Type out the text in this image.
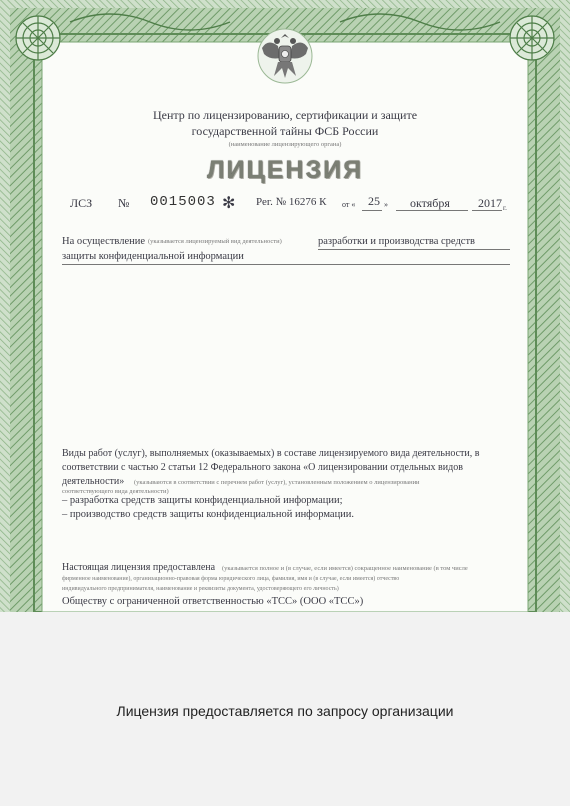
Центр по лицензированию, сертификации и защите
государственной тайны ФСБ России
(наименование лицензирующего органа)
ЛИЦЕНЗИЯ
ЛСЗ № 0015003 ✻ Рег. № 16276 К от « 25 » октября 2017 г.
На осуществление (указывается лицензируемый вид деятельности)	разработки и производства средств
защиты конфиденциальной информации
Виды работ (услуг), выполняемых (оказываемых) в составе лицензируемого вида деятельности, в
соответствии с частью 2 статьи 12 Федерального закона «О лицензировании отдельных видов
деятельности» (указываются в соответствии с перечнем работ (услуг), установленным положением о лицензировании
соответствующего вида деятельности)
– разработка средств защиты конфиденциальной информации;
– производство средств защиты конфиденциальной информации.
Настоящая лицензия предоставлена (указывается полное и (в случае, если имеется) сокращенное наименование (в том числе
фирменное наименование), организационно-правовая форма юридического лица, фамилия, имя и (в случае, если имеется) отчество
индивидуального предпринимателя, наименование и реквизиты документа, удостоверяющего его личность)
Обществу с ограниченной ответственностью «ТСС» (ООО «ТСС»)
Лицензия предоставляется по запросу организации
